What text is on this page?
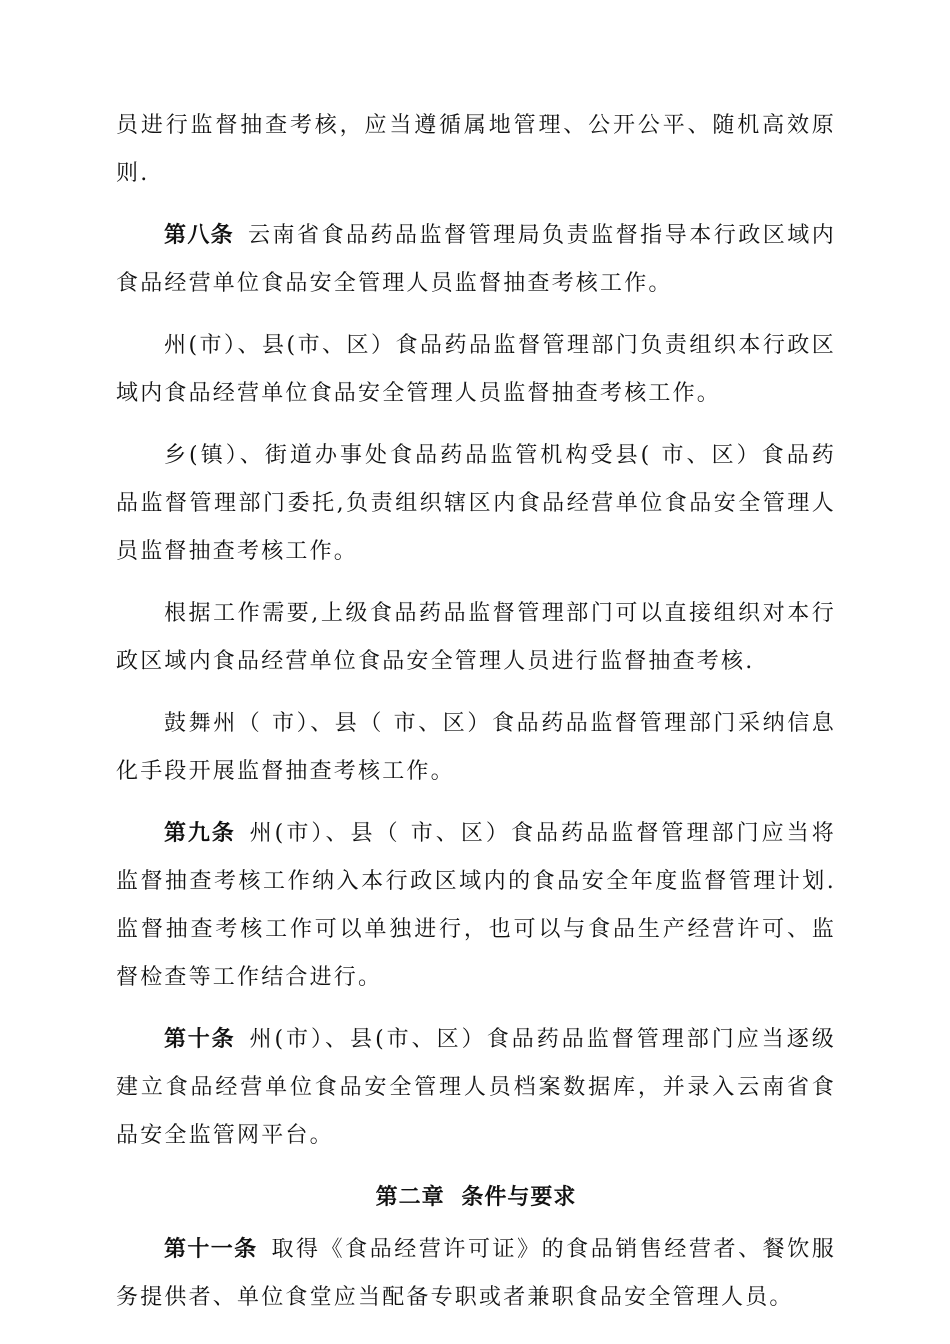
员进行监督抽查考核，应当遵循属地管理、公开公平、随机高效原则.

第八条 云南省食品药品监督管理局负责监督指导本行政区域内食品经营单位食品安全管理人员监督抽查考核工作。

州(市）、县(市、区）食品药品监督管理部门负责组织本行政区域内食品经营单位食品安全管理人员监督抽查考核工作。

乡(镇）、街道办事处食品药品监管机构受县( 市、区）食品药品监督管理部门委托,负责组织辖区内食品经营单位食品安全管理人员监督抽查考核工作。

根据工作需要,上级食品药品监督管理部门可以直接组织对本行政区域内食品经营单位食品安全管理人员进行监督抽查考核.

鼓舞州（ 市）、县（ 市、区）食品药品监督管理部门采纳信息化手段开展监督抽查考核工作。

第九条 州(市）、县（ 市、区）食品药品监督管理部门应当将监督抽查考核工作纳入本行政区域内的食品安全年度监督管理计划.监督抽查考核工作可以单独进行，也可以与食品生产经营许可、监督检查等工作结合进行。

第十条 州(市）、县(市、区）食品药品监督管理部门应当逐级建立食品经营单位食品安全管理人员档案数据库，并录入云南省食品安全监管网平台。

第二章 条件与要求

第十一条 取得《食品经营许可证》的食品销售经营者、餐饮服务提供者、单位食堂应当配备专职或者兼职食品安全管理人员。
